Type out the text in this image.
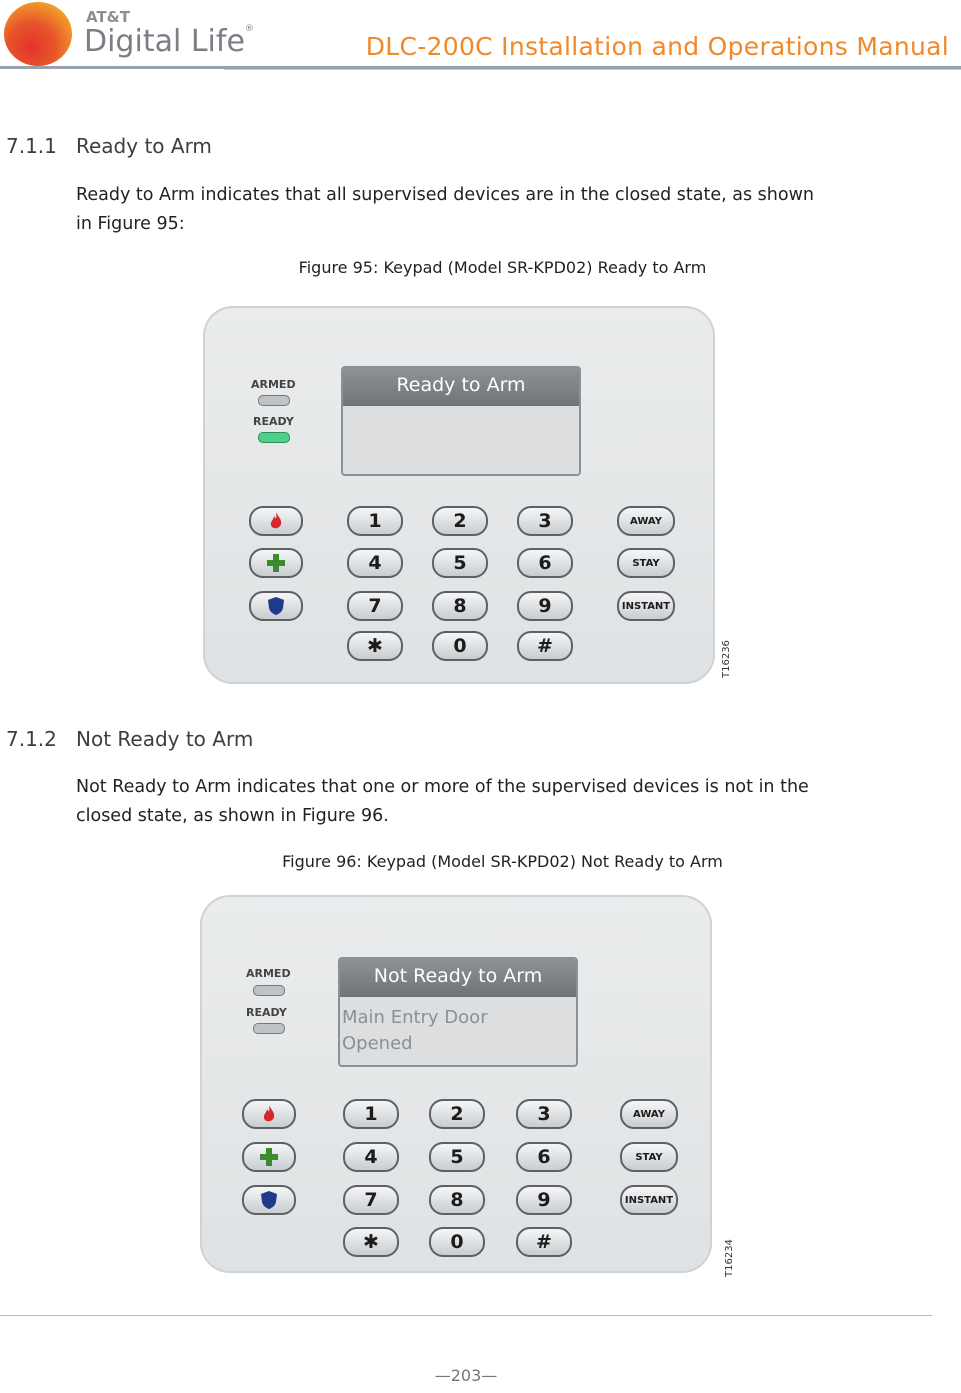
AT&T
Digital Life®
DLC-200C Installation and Operations Manual
7.1.1 Ready to Arm
Ready to Arm indicates that all supervised devices are in the closed state, as shown
in Figure 95:
Figure 95: Keypad (Model SR-KPD02) Ready to Arm
ARMED
READY
Ready to Arm
1	2	3
4	5	6
7	8	9
✱	0	#
AWAY
STAY
INSTANT
T16236
7.1.2 Not Ready to Arm
Not Ready to Arm indicates that one or more of the supervised devices is not in the
closed state, as shown in Figure 96.
Figure 96: Keypad (Model SR-KPD02) Not Ready to Arm
ARMED
READY
Not Ready to Arm
Main Entry Door
Opened
1	2	3
4	5	6
7	8	9
✱	0	#
AWAY
STAY
INSTANT
T16234
—203—
